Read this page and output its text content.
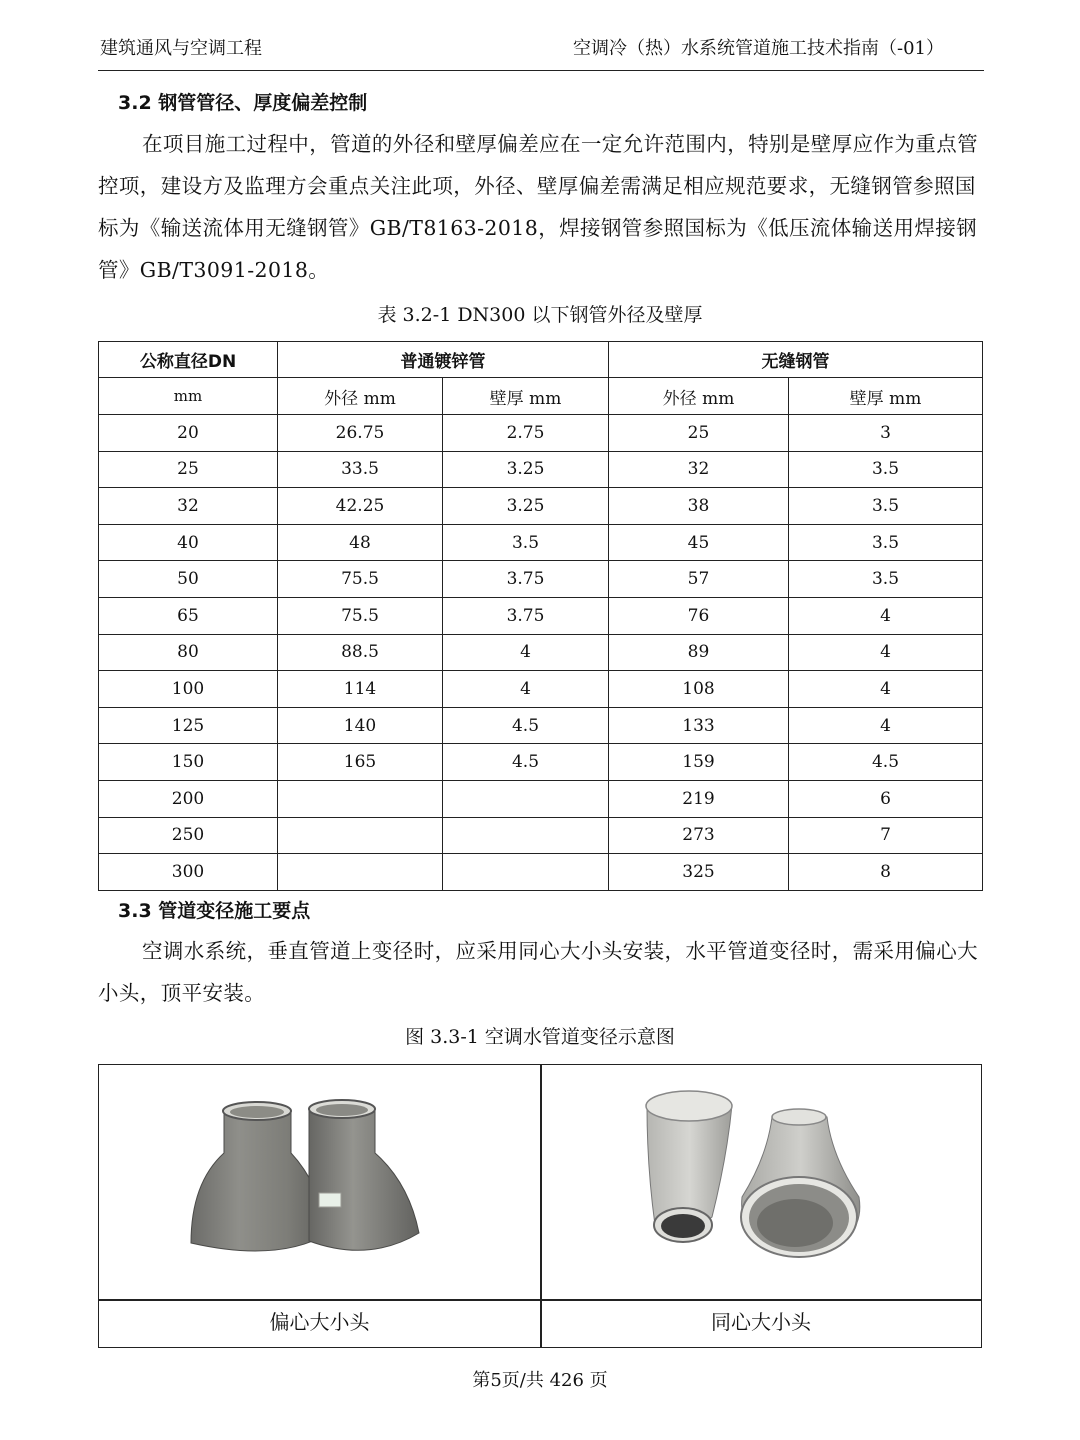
建筑通风与空调工程	空调冷（热）水系统管道施工技术指南（-01）
3.2 钢管管径、厚度偏差控制

在项目施工过程中，管道的外径和壁厚偏差应在一定允许范围内，特别是壁厚应作为重点管控项，建设方及监理方会重点关注此项，外径、壁厚偏差需满足相应规范要求，无缝钢管参照国标为《输送流体用无缝钢管》GB/T8163-2018，焊接钢管参照国标为《低压流体输送用焊接钢管》GB/T3091-2018。

表 3.2-1 DN300 以下钢管外径及壁厚
公称直径DN	普通镀锌管		无缝钢管	
mm	外径 mm	壁厚 mm	外径 mm	壁厚 mm
20	26.75	2.75	25	3
25	33.5	3.25	32	3.5
32	42.25	3.25	38	3.5
40	48	3.5	45	3.5
50	75.5	3.75	57	3.5
65	75.5	3.75	76	4
80	88.5	4	89	4
100	114	4	108	4
125	140	4.5	133	4
150	165	4.5	159	4.5
200			219	6
250			273	7
300			325	8
3.3 管道变径施工要点

空调水系统，垂直管道上变径时，应采用同心大小头安装，水平管道变径时，需采用偏心大小头，顶平安装。

图 3.3-1 空调水管道变径示意图
偏心大小头	同心大小头
第5页/共 426 页
